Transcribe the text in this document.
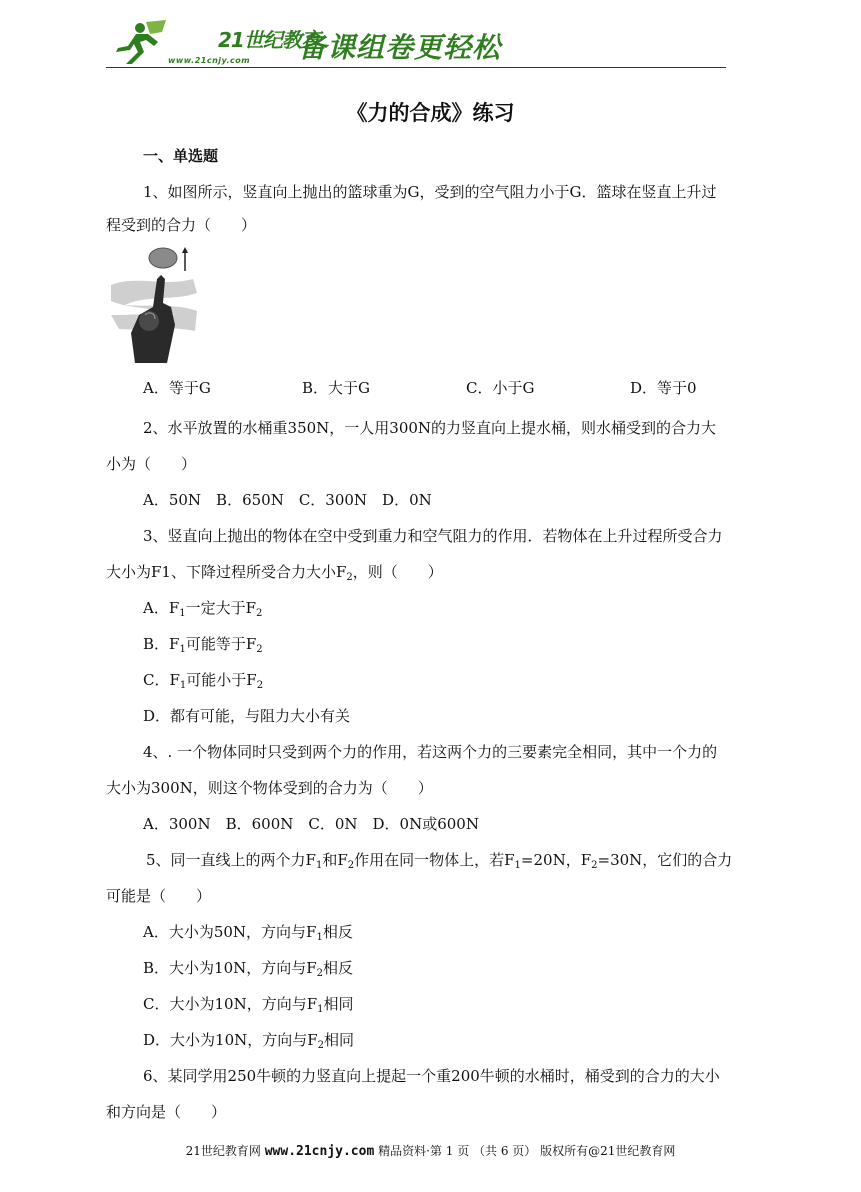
21世纪教育
www.21cnjy.com 备课组卷更轻松
《力的合成》练习
一、单选题
1、如图所示，竖直向上抛出的篮球重为G，受到的空气阻力小于G．篮球在竖直上升过
程受到的合力（　　）
A．等于G	B．大于G	C．小于G	D．等于0
2、水平放置的水桶重350N，一人用300N的力竖直向上提水桶，则水桶受到的合力大
小为（　　）
A．50N　B．650N　C．300N　D．0N
3、竖直向上抛出的物体在空中受到重力和空气阻力的作用．若物体在上升过程所受合力
大小为F1、下降过程所受合力大小$F_2$，则（　　）
A．$F_1$一定大于$F_2$
B．$F_1$可能等于$F_2$
C．$F_1$可能小于$F_2$
D．都有可能，与阻力大小有关
4、. 一个物体同时只受到两个力的作用，若这两个力的三要素完全相同，其中一个力的
大小为300N，则这个物体受到的合力为（　　）
A．300N　B．600N　C．0N　D．0N或600N
5、同一直线上的两个力$F_1$和$F_2$作用在同一物体上，若$F_1=20N$，$F_2=30N$，它们的合力
可能是（　　）
A．大小为50N，方向与$F_1$相反
B．大小为10N，方向与$F_2$相反
C．大小为10N，方向与$F_1$相同
D．大小为10N，方向与$F_2$相同
6、某同学用250牛顿的力竖直向上提起一个重200牛顿的水桶时，桶受到的合力的大小
和方向是（　　）
21世纪教育网 www.21cnjy.com 精品资料·第 1 页 （共 6 页） 版权所有@21世纪教育网
